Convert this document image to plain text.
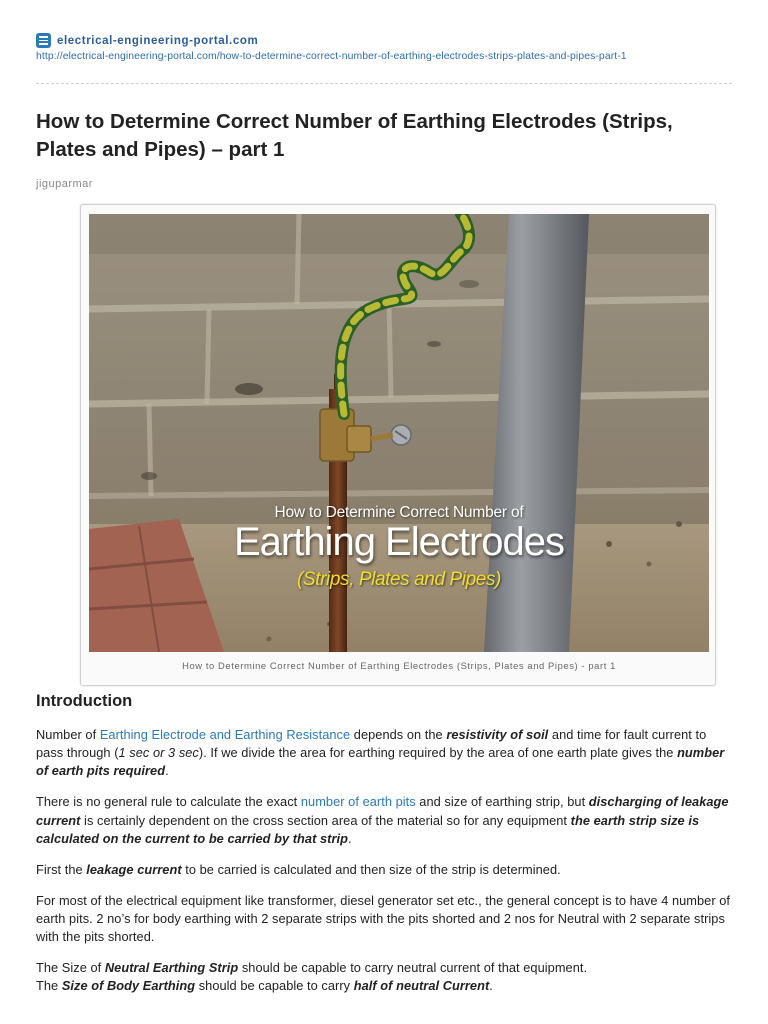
electrical-engineering-portal.com
http://electrical-engineering-portal.com/how-to-determine-correct-number-of-earthing-electrodes-strips-plates-and-pipes-part-1
How to Determine Correct Number of Earthing Electrodes (Strips, Plates and Pipes) – part 1
jiguparmar
How to Determine Correct Number of
Earthing Electrodes
(Strips, Plates and Pipes)
How to Determine Correct Number of Earthing Electrodes (Strips, Plates and Pipes) - part 1
Introduction

Number of Earthing Electrode and Earthing Resistance depends on the resistivity of soil and time for fault current to pass through (1 sec or 3 sec). If we divide the area for earthing required by the area of one earth plate gives the number of earth pits required.

There is no general rule to calculate the exact number of earth pits and size of earthing strip, but discharging of leakage current is certainly dependent on the cross section area of the material so for any equipment the earth strip size is calculated on the current to be carried by that strip.

First the leakage current to be carried is calculated and then size of the strip is determined.

For most of the electrical equipment like transformer, diesel generator set etc., the general concept is to have 4 number of earth pits. 2 no’s for body earthing with 2 separate strips with the pits shorted and 2 nos for Neutral with 2 separate strips with the pits shorted.

The Size of Neutral Earthing Strip should be capable to carry neutral current of that equipment.

The Size of Body Earthing should be capable to carry half of neutral Current.
